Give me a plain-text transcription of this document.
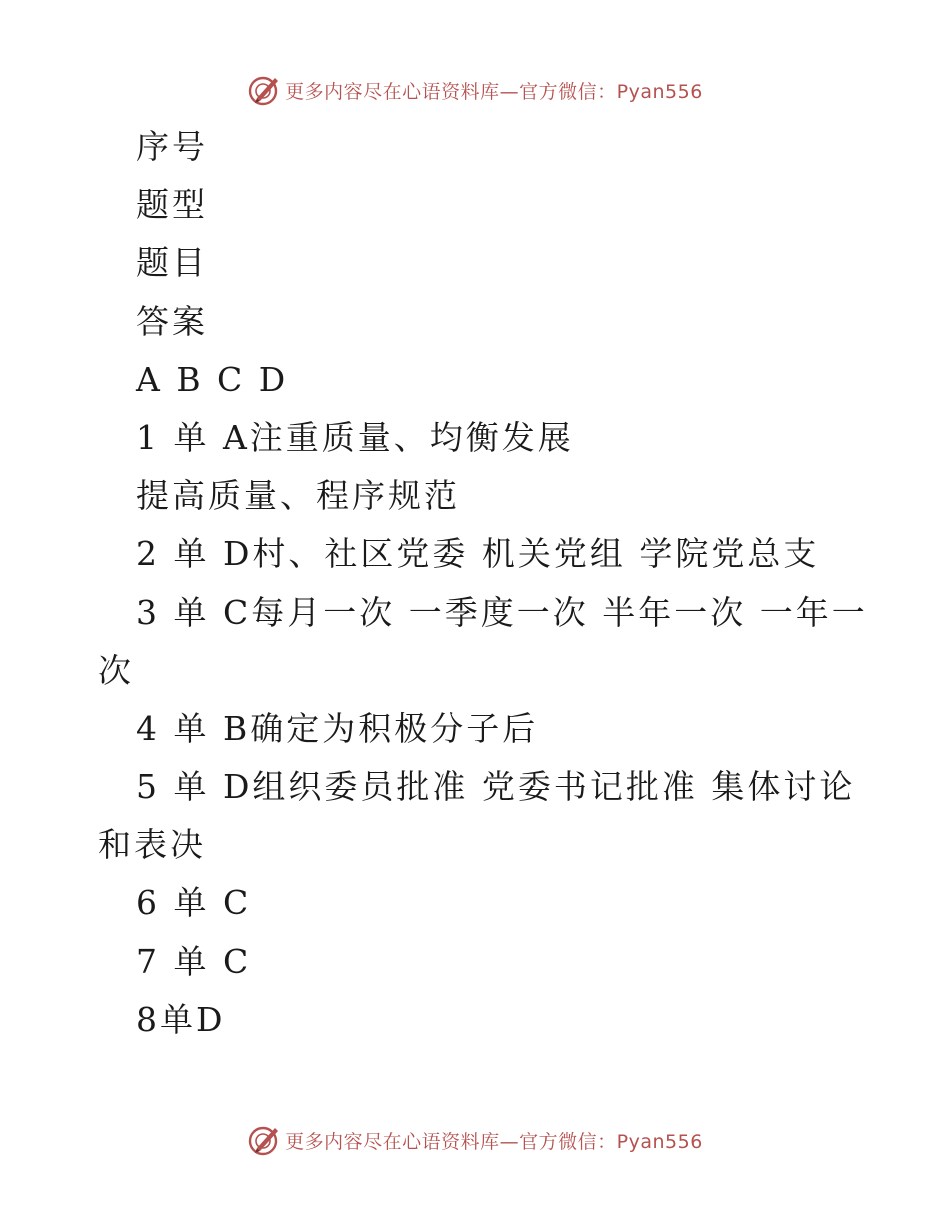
更多内容尽在心语资料库—官方微信：Pyan556
序号
题型
题目
答案
A B C D
1 单 A注重质量、均衡发展
提高质量、程序规范
2 单 D村、社区党委 机关党组 学院党总支
3 单 C每月一次 一季度一次 半年一次 一年一
次
4 单 B确定为积极分子后
5 单 D组织委员批准 党委书记批准 集体讨论
和表决
6 单 C
7 单 C
8单D
更多内容尽在心语资料库—官方微信：Pyan556
